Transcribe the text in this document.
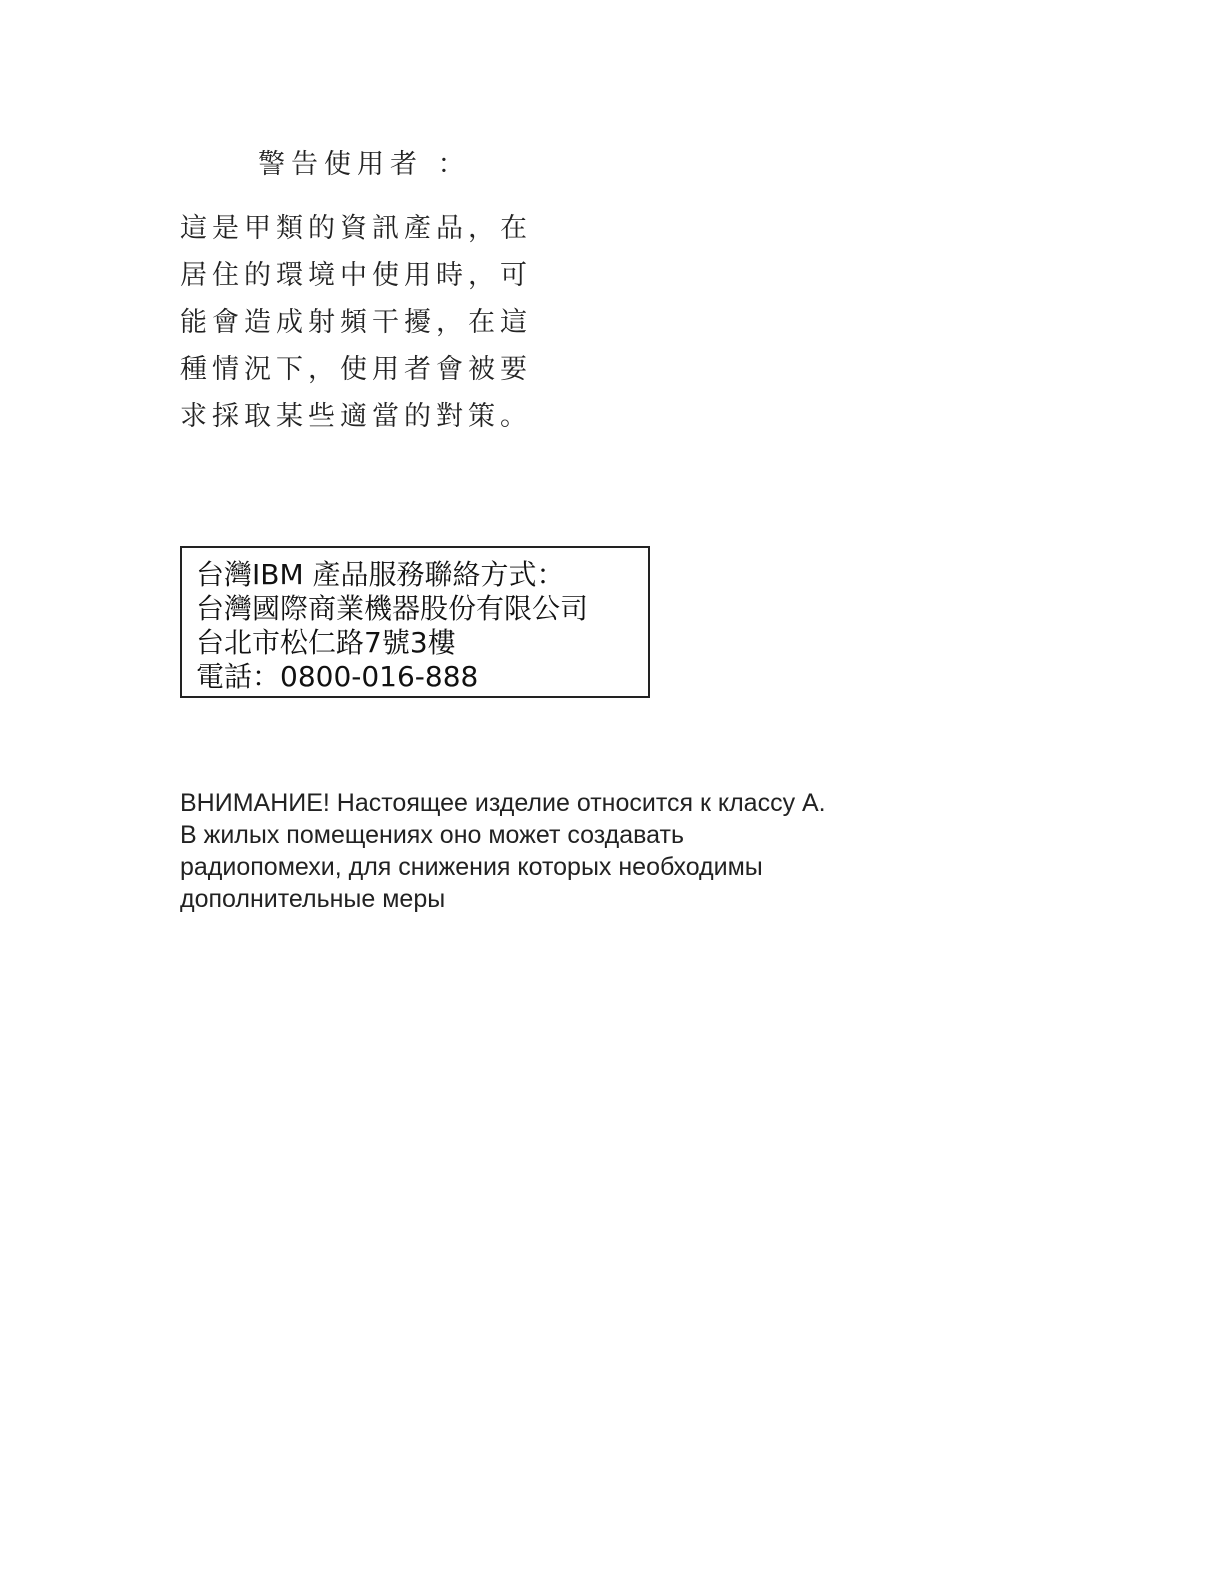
警告使用者 ：
這是甲類的資訊產品，在
居住的環境中使用時，可
能會造成射頻干擾，在這
種情況下，使用者會被要
求採取某些適當的對策。
台灣IBM 產品服務聯絡方式：
台灣國際商業機器股份有限公司
台北市松仁路7號3樓
電話：0800-016-888
ВНИМАНИЕ! Настоящее изделие относится к классу А.
В жилых помещениях оно может создавать
радиопомехи, для снижения которых необходимы
дополнительные меры
